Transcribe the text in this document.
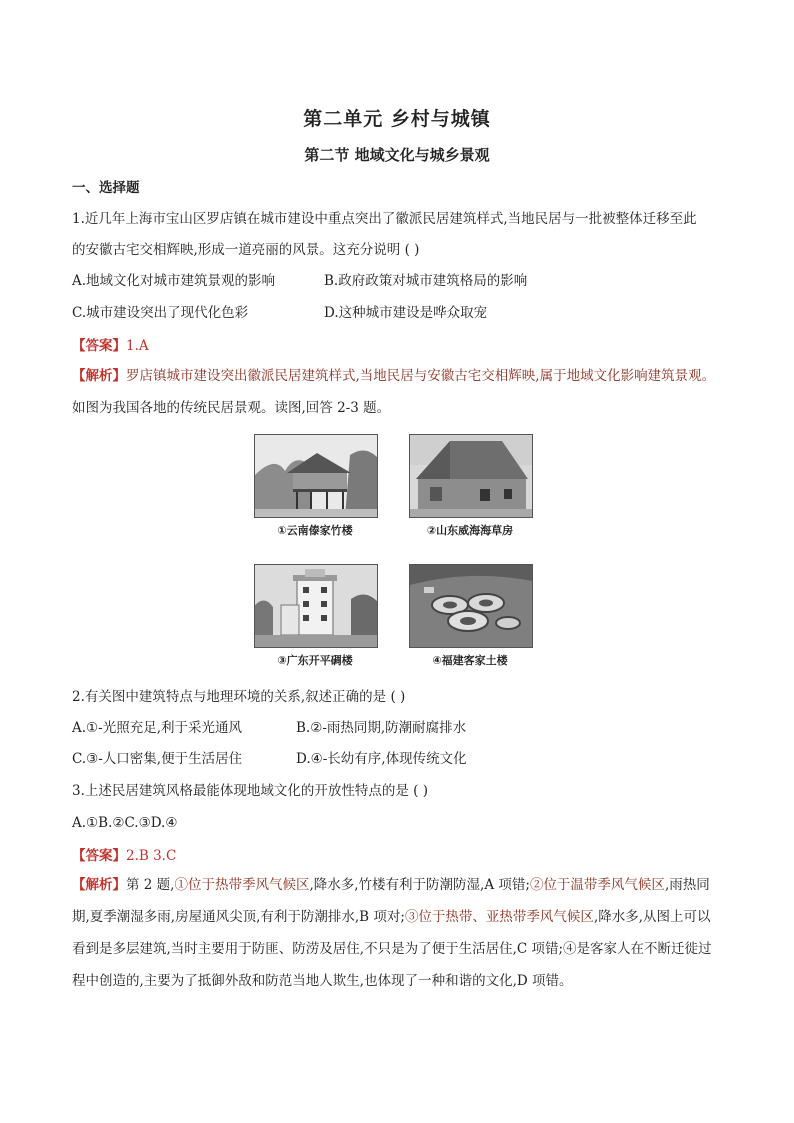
第二单元 乡村与城镇
第二节 地域文化与城乡景观
一、选择题
1.近几年上海市宝山区罗店镇在城市建设中重点突出了徽派民居建筑样式,当地民居与一批被整体迁移至此
的安徽古宅交相辉映,形成一道亮丽的风景。这充分说明 ( )
A.地域文化对城市建筑景观的影响	B.政府政策对城市建筑格局的影响
C.城市建设突出了现代化色彩	D.这种城市建设是哗众取宠
【答案】1.A
【解析】罗店镇城市建设突出徽派民居建筑样式,当地民居与安徽古宅交相辉映,属于地域文化影响建筑景观。
如图为我国各地的传统民居景观。读图,回答 2-3 题。
①云南傣家竹楼	②山东威海海草房
③广东开平碉楼	④福建客家土楼
2.有关图中建筑特点与地理环境的关系,叙述正确的是 ( )
A.①-光照充足,利于采光通风	B.②-雨热同期,防潮耐腐排水
C.③-人口密集,便于生活居住	D.④-长幼有序,体现传统文化
3.上述民居建筑风格最能体现地域文化的开放性特点的是 ( )
A.①B.②C.③D.④
【答案】2.B 3.C
【解析】第 2 题,①位于热带季风气候区,降水多,竹楼有利于防潮防湿,A 项错;②位于温带季风气候区,雨热同期,夏季潮湿多雨,房屋通风尖顶,有利于防潮排水,B 项对;③位于热带、亚热带季风气候区,降水多,从图上可以看到是多层建筑,当时主要用于防匪、防涝及居住,不只是为了便于生活居住,C 项错;④是客家人在不断迁徙过程中创造的,主要为了抵御外敌和防范当地人欺生,也体现了一种和谐的文化,D 项错。
